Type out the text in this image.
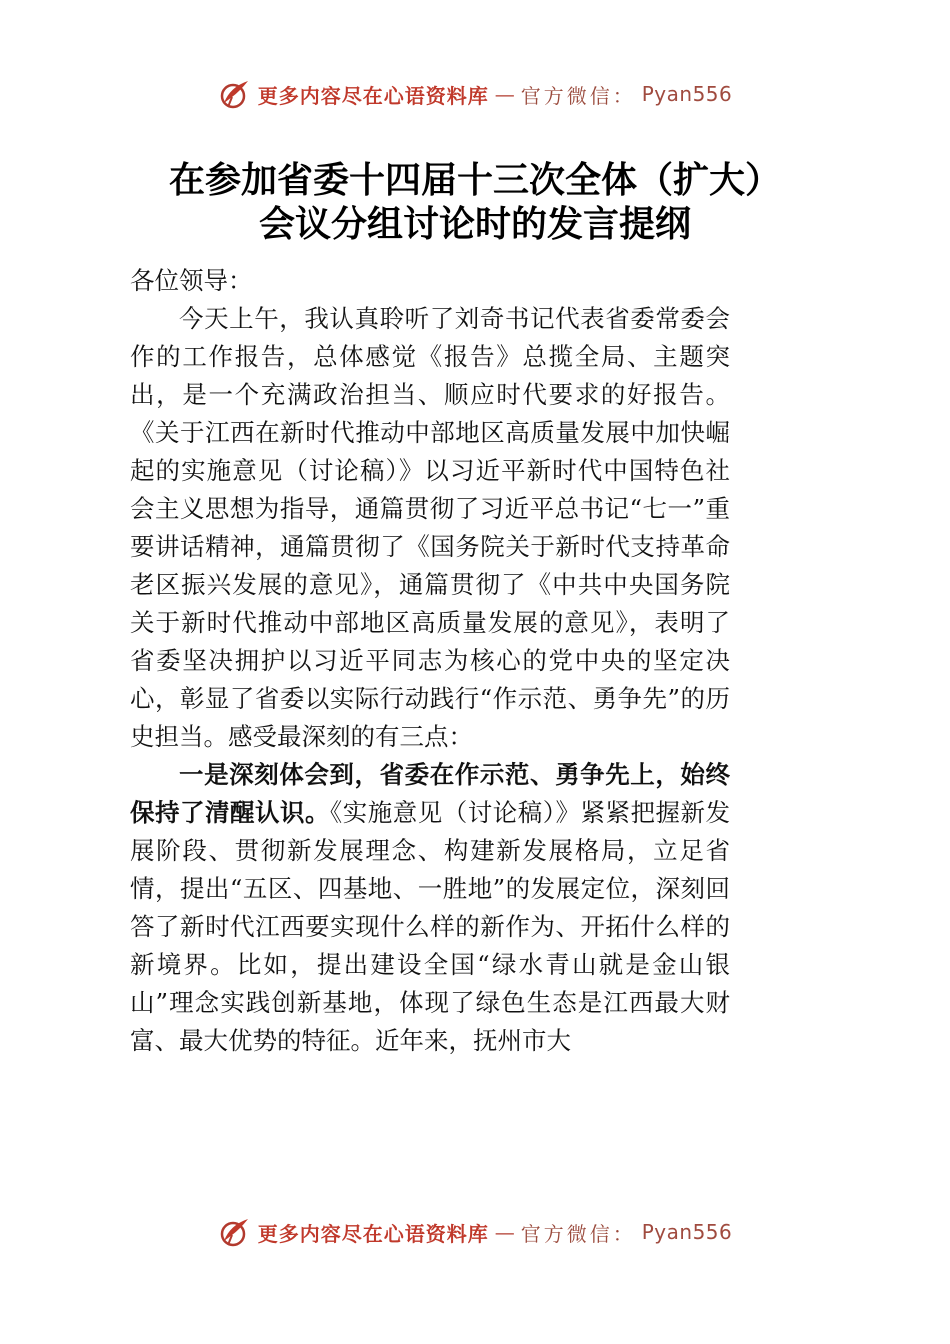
更多内容尽在心语资料库 — 官方微信： Pyan556
在参加省委十四届十三次全体（扩大）
会议分组讨论时的发言提纲

各位领导：

今天上午，我认真聆听了刘奇书记代表省委常委会作的工作报告，总体感觉《报告》总揽全局、主题突出，是一个充满政治担当、顺应时代要求的好报告。《关于江西在新时代推动中部地区高质量发展中加快崛起的实施意见（讨论稿）》以习近平新时代中国特色社会主义思想为指导，通篇贯彻了习近平总书记“七一”重要讲话精神，通篇贯彻了《国务院关于新时代支持革命老区振兴发展的意见》，通篇贯彻了《中共中央国务院关于新时代推动中部地区高质量发展的意见》，表明了省委坚决拥护以习近平同志为核心的党中央的坚定决心，彰显了省委以实际行动践行“作示范、勇争先”的历史担当。感受最深刻的有三点：

一是深刻体会到，省委在作示范、勇争先上，始终保持了清醒认识。《实施意见（讨论稿）》紧紧把握新发展阶段、贯彻新发展理念、构建新发展格局，立足省情，提出“五区、四基地、一胜地”的发展定位，深刻回答了新时代江西要实现什么样的新作为、开拓什么样的新境界。比如，提出建设全国“绿水青山就是金山银山”理念实践创新基地，体现了绿色生态是江西最大财富、最大优势的特征。近年来，抚州市大

更多内容尽在心语资料库 — 官方微信： Pyan556
